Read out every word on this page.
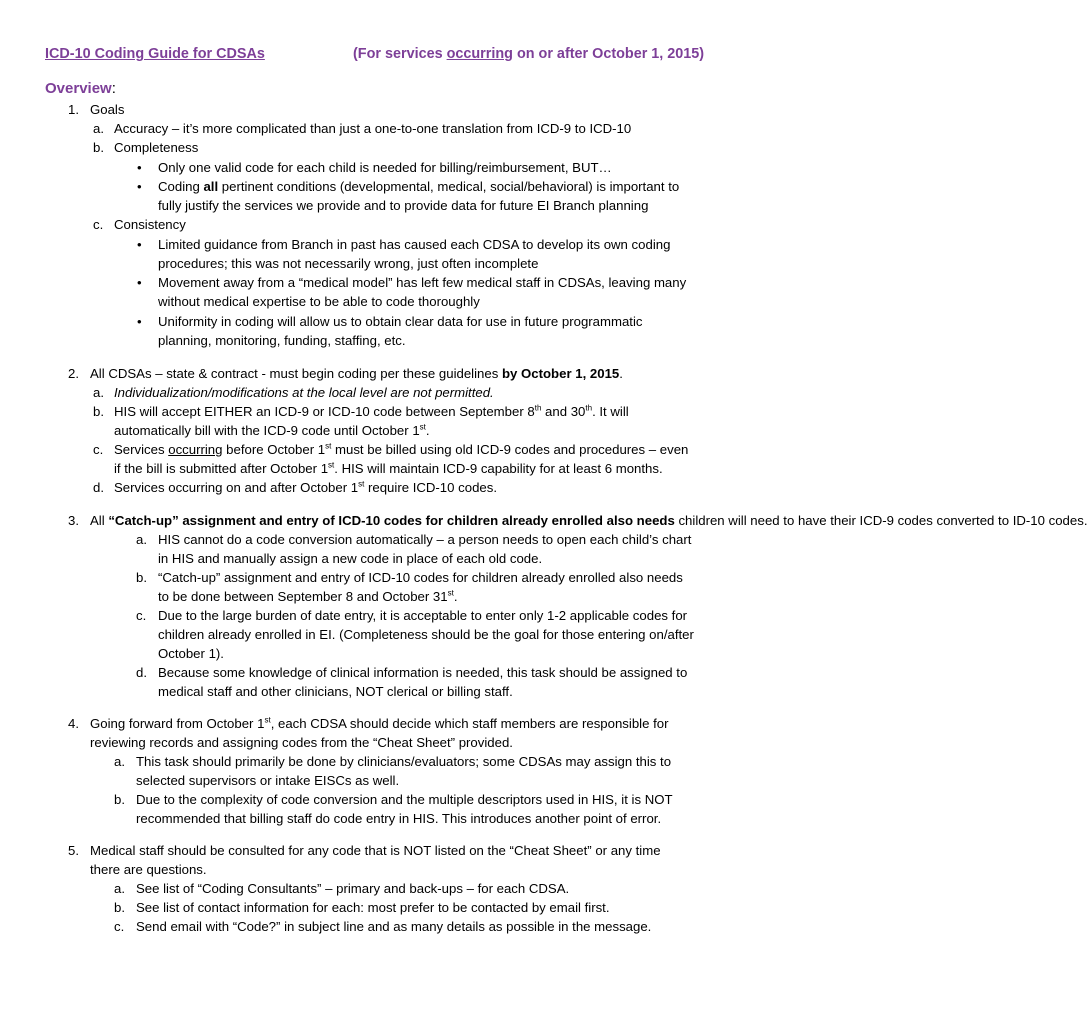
ICD-10 Coding Guide for CDSAs	(For services occurring on or after October 1, 2015)
Overview:
1. Goals
a. Accuracy – it’s more complicated than just a one-to-one translation from ICD-9 to ICD-10
b. Completeness
• Only one valid code for each child is needed for billing/reimbursement, BUT…
• Coding all pertinent conditions (developmental, medical, social/behavioral) is important to
fully justify the services we provide and to provide data for future EI Branch planning
c. Consistency
• Limited guidance from Branch in past has caused each CDSA to develop its own coding
procedures; this was not necessarily wrong, just often incomplete
• Movement away from a “medical model” has left few medical staff in CDSAs, leaving many
without medical expertise to be able to code thoroughly
• Uniformity in coding will allow us to obtain clear data for use in future programmatic
planning, monitoring, funding, staffing, etc.
2. All CDSAs – state & contract - must begin coding per these guidelines by October 1, 2015.
a. Individualization/modifications at the local level are not permitted.
b. HIS will accept EITHER an ICD-9 or ICD-10 code between September 8th and 30th. It will
automatically bill with the ICD-9 code until October 1st.
c. Services occurring before October 1st must be billed using old ICD-9 codes and procedures – even
if the bill is submitted after October 1st. HIS will maintain ICD-9 capability for at least 6 months.
d. Services occurring on and after October 1st require ICD-10 codes.
3. All “Catch-up” assignment and entry of ICD-10 codes for children already enrolled also needs children will need to have their ICD-9 codes converted to ID-10 codes.
a. HIS cannot do a code conversion automatically – a person needs to open each child’s chart
in HIS and manually assign a new code in place of each old code.
b. “Catch-up” assignment and entry of ICD-10 codes for children already enrolled also needs
to be done between September 8 and October 31st.
c. Due to the large burden of date entry, it is acceptable to enter only 1-2 applicable codes for
children already enrolled in EI. (Completeness should be the goal for those entering on/after
October 1).
d. Because some knowledge of clinical information is needed, this task should be assigned to
medical staff and other clinicians, NOT clerical or billing staff.
4. Going forward from October 1st, each CDSA should decide which staff members are responsible for
reviewing records and assigning codes from the “Cheat Sheet” provided.
a. This task should primarily be done by clinicians/evaluators; some CDSAs may assign this to
selected supervisors or intake EISCs as well.
b. Due to the complexity of code conversion and the multiple descriptors used in HIS, it is NOT
recommended that billing staff do code entry in HIS. This introduces another point of error.
5. Medical staff should be consulted for any code that is NOT listed on the “Cheat Sheet” or any time
there are questions.
a. See list of “Coding Consultants” – primary and back-ups – for each CDSA.
b. See list of contact information for each: most prefer to be contacted by email first.
c. Send email with “Code?” in subject line and as many details as possible in the message.
